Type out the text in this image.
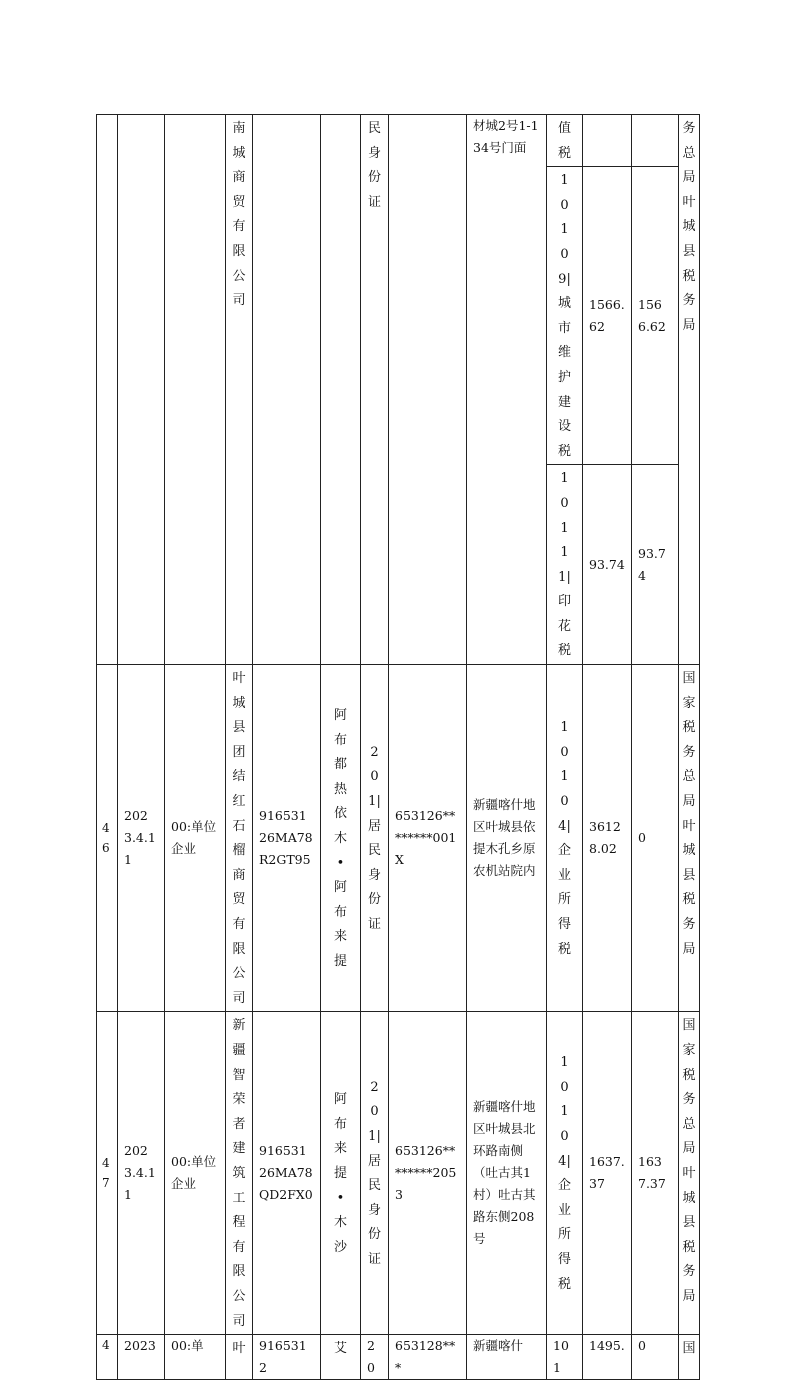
			南城商贸有限公司			民身份证		材城2号1-134号门面	值税			务总局叶城县税务局

									10109|城市维护建设税	1566.62	1566.62	

									10111|印花税	93.74	93.74	

46	2023.4.11	00:单位企业	叶城县团结红石榴商贸有限公司	91653126MA78R2GT95	阿布都热依木•阿布来提	201|居民身份证	653126********001X	新疆喀什地区叶城县依提木孔乡原农机站院内	10104|企业所得税	36128.02	0	国家税务总局叶城县税务局

47	2023.4.11	00:单位企业	新疆智荣者建筑工程有限公司	91653126MA78QD2FX0	阿布来提•木沙	201|居民身份证	653126********2053	新疆喀什地区叶城县北环路南侧（吐古其1村）吐古其路东侧208号	10104|企业所得税	1637.37	1637.37	国家税务总局叶城县税务局

4	2023	00:单	叶	9165312	艾	20	653128***	新疆喀什	101	1495.	0	国
